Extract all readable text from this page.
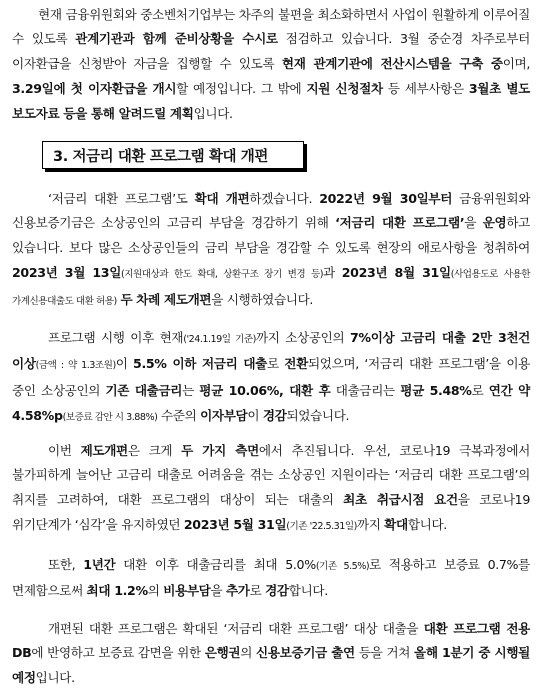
현재 금융위원회와 중소벤처기업부는 차주의 불편을 최소화하면서 사업이 원활하게 이루어질 수 있도록 관계기관과 함께 준비상황을 수시로 점검하고 있습니다. 3월 중순경 차주로부터 이자환급을 신청받아 자금을 집행할 수 있도록 현재 관계기관에 전산시스템을 구축 중이며, 3.29일에 첫 이자환급을 개시할 예정입니다. 그 밖에 지원 신청절차 등 세부사항은 3월초 별도 보도자료 등을 통해 알려드릴 계획입니다.

3. 저금리 대환 프로그램 확대 개편

‘저금리 대환 프로그램’도 확대 개편하겠습니다. 2022년 9월 30일부터 금융위원회와 신용보증기금은 소상공인의 고금리 부담을 경감하기 위해 ‘저금리 대환 프로그램’을 운영하고 있습니다. 보다 많은 소상공인들의 금리 부담을 경감할 수 있도록 현장의 애로사항을 청취하여 2023년 3월 13일(지원대상과 한도 확대, 상환구조 장기 변경 등)과 2023년 8월 31일(사업용도로 사용한 가계신용대출도 대환 허용) 두 차례 제도개편을 시행하였습니다.

프로그램 시행 이후 현재('24.1.19일 기준)까지 소상공인의 7%이상 고금리 대출 2만 3천건 이상(금액 : 약 1.3조원)이 5.5% 이하 저금리 대출로 전환되었으며, ‘저금리 대환 프로그램’을 이용 중인 소상공인의 기존 대출금리는 평균 10.06%, 대환 후 대출금리는 평균 5.48%로 연간 약 4.58%p(보증료 감안 시 3.88%) 수준의 이자부담이 경감되었습니다.

이번 제도개편은 크게 두 가지 측면에서 추진됩니다. 우선, 코로나19 극복과정에서 불가피하게 늘어난 고금리 대출로 어려움을 겪는 소상공인 지원이라는 ‘저금리 대환 프로그램’의 취지를 고려하여, 대환 프로그램의 대상이 되는 대출의 최초 취급시점 요건을 코로나19 위기단계가 ‘심각’을 유지하였던 2023년 5월 31일(기존 '22.5.31일)까지 확대합니다.

또한, 1년간 대환 이후 대출금리를 최대 5.0%(기존 5.5%)로 적용하고 보증료 0.7%를 면제함으로써 최대 1.2%의 비용부담을 추가로 경감합니다.

개편된 대환 프로그램은 확대된 ‘저금리 대환 프로그램’ 대상 대출을 대환 프로그램 전용 DB에 반영하고 보증료 감면을 위한 은행권의 신용보증기금 출연 등을 거쳐 올해 1분기 중 시행될 예정입니다.
